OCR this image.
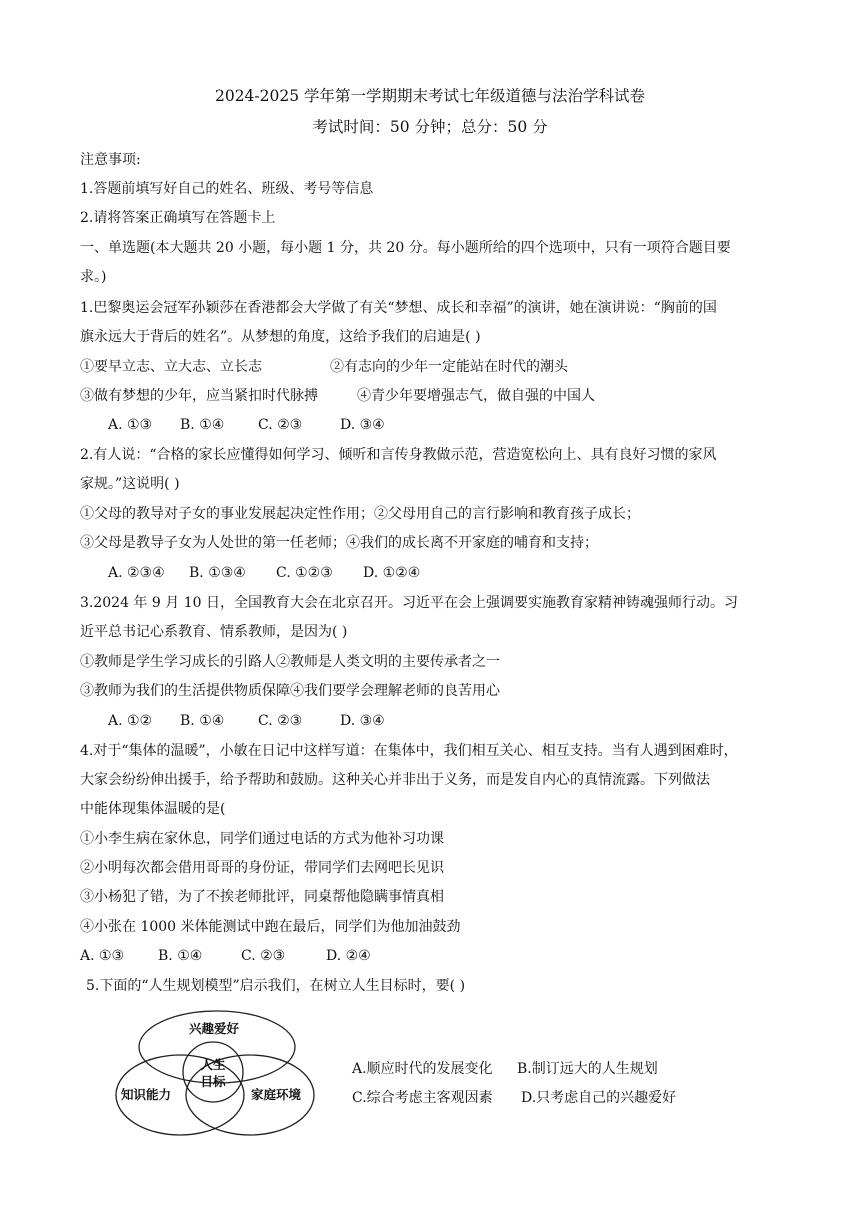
2024-2025 学年第一学期期末考试七年级道德与法治学科试卷
考试时间：50 分钟；总分：50 分
注意事项:
1.答题前填写好自己的姓名、班级、考号等信息
2.请将答案正确填写在答题卡上
一、单选题(本大题共 20 小题，每小题 1 分，共 20 分。每小题所给的四个选项中，只有一项符合题目要
求。)
1.巴黎奥运会冠军孙颖莎在香港都会大学做了有关“梦想、成长和幸福”的演讲，她在演讲说：“胸前的国
旗永远大于背后的姓名”。从梦想的角度，这给予我们的启迪是( )
①要早立志、立大志、立长志	②有志向的少年一定能站在时代的潮头
③做有梦想的少年，应当紧扣时代脉搏	④青少年要增强志气，做自强的中国人
A. ①③ B. ①④ C. ②③	D. ③④
2.有人说：“合格的家长应懂得如何学习、倾听和言传身教做示范，营造宽松向上、具有良好习惯的家风
家规。”这说明( )
①父母的教导对子女的事业发展起决定性作用；②父母用自己的言行影响和教育孩子成长；
③父母是教导子女为人处世的第一任老师；④我们的成长离不开家庭的哺育和支持；
A. ②③④ B. ①③④ C. ①②③ D. ①②④
3.2024 年 9 月 10 日，全国教育大会在北京召开。习近平在会上强调要实施教育家精神铸魂强师行动。习
近平总书记心系教育、情系教师，是因为( )
①教师是学生学习成长的引路人②教师是人类文明的主要传承者之一
③教师为我们的生活提供物质保障④我们要学会理解老师的良苦用心
A. ①② B. ①④ C. ②③	D. ③④
4.对于“集体的温暖”，小敏在日记中这样写道：在集体中，我们相互关心、相互支持。当有人遇到困难时，
大家会纷纷伸出援手，给予帮助和鼓励。这种关心并非出于义务，而是发自内心的真情流露。下列做法
中能体现集体温暖的是(
①小李生病在家休息，同学们通过电话的方式为他补习功课
②小明每次都会借用哥哥的身份证，带同学们去网吧长见识
③小杨犯了错，为了不挨老师批评，同桌帮他隐瞒事情真相
④小张在 1000 米体能测试中跑在最后，同学们为他加油鼓劲
A. ①③ B. ①④	C. ②③	D. ②④
5.下面的“人生规划模型”启示我们，在树立人生目标时，要( )
兴趣爱好
知识能力	家庭环境
人生
目标
A.顺应时代的发展变化 B.制订远大的人生规划
C.综合考虑主客观因素 D.只考虑自己的兴趣爱好
